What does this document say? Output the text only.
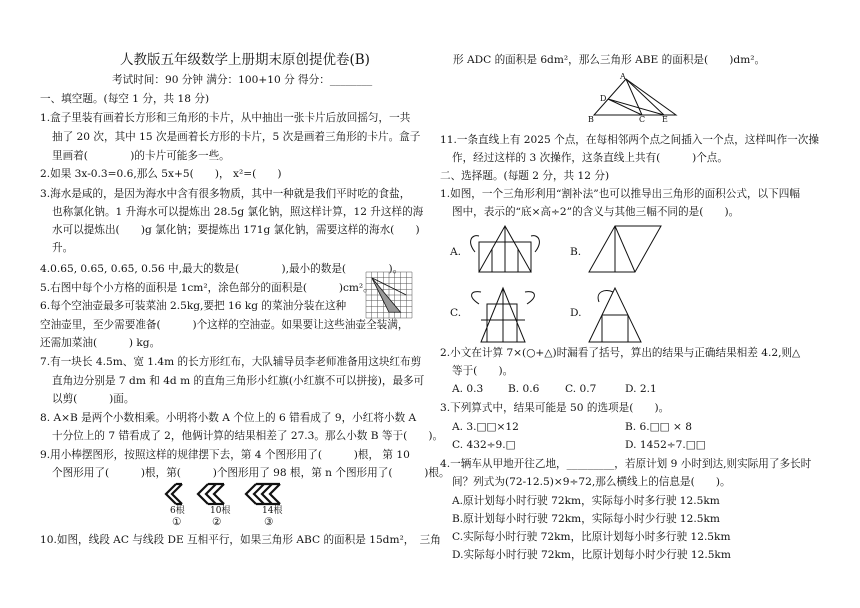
人教版五年级数学上册期末原创提优卷(B)
考试时间：90 分钟 满分：100+10 分 得分：________
一、填空题。(每空 1 分，共 18 分)
1.盒子里装有画着长方形和三角形的卡片，从中抽出一张卡片后放回摇匀，一共
抽了 20 次，其中 15 次是画着长方形的卡片，5 次是画着三角形的卡片。盒子
里画着(　　　　)的卡片可能多一些。
2.如果 3x-0.3=0.6,那么 5x+5(　　)， x²=(　　)
3.海水是咸的，是因为海水中含有很多物质，其中一种就是我们平时吃的食盐，
也称氯化钠。1 升海水可以提炼出 28.5g 氯化钠，照这样计算，12 升这样的海
水可以提炼出(　　)g 氯化钠；要提炼出 171g 氯化钠，需要这样的海水(　　)
升。
4.0.65, 0.65̇, 0.6̇5̇, 0.56 中,最大的数是(　　　　),最小的数是(　　　　)。
5.右图中每个小方格的面积是 1cm²，涂色部分的面积是(　　　)cm²。
6.每个空油壶最多可装菜油 2.5kg,要把 16 kg 的菜油分装在这种
空油壶里，至少需要准备(　　　)个这样的空油壶。如果要让这些油壶全装满，
还需加菜油(　　　) kg。
7.有一块长 4.5m、宽 1.4m 的长方形红布，大队辅导员李老师准备用这块红布剪
直角边分别是 7 dm 和 4d m 的直角三角形小红旗(小红旗不可以拼接)，最多可
以剪(　　　)面。
8. A×B 是两个小数相乘。小明将小数 A 个位上的 6 错看成了 9，小红将小数 A
十分位上的 7 错看成了 2，他俩计算的结果相差了 27.3。那么小数 B 等于(　　)。
9.用小棒摆图形，按照这样的规律摆下去，第 4 个图形用了(　　　)根， 第 10
个图形用了(　　　)根，第(　　　)个图形用了 98 根，第 n 个图形用了(　　　)根。
6根	10根	14根
①	②	③
10.如图，线段 AC 与线段 DE 互相平行，如果三角形 ABC 的面积是 15dm²，　三角
形 ADC 的面积是 6dm²，那么三角形 ABE 的面积是(　　)dm²。
A
B	C
D
E
11.一条直线上有 2025 个点，在每相邻两个点之间插入一个点，这样叫作一次操
作，经过这样的 3 次操作，这条直线上共有(　　　)个点。
二、选择题。(每题 2 分，共 12 分)
1.如图，一个三角形利用“割补法”也可以推导出三角形的面积公式，以下四幅
图中，表示的“底×高÷2”的含义与其他三幅不同的是(　　)。
A.	B.
C.	D.
2.小文在计算 7×(○+△)时漏看了括号，算出的结果与正确结果相差 4.2,则△
等于(　　)。
A. 0.3 B. 0.6 C. 0.7	D. 2.1
3.下列算式中，结果可能是 50 的选项是(　　)。
A. 3.□□×12	B. 6.□□ × 8
C. 432÷9.□	D. 1452÷7.□□
4.一辆车从甲地开往乙地，_________，若原计划 9 小时到达,则实际用了多长时
间？列式为(72-12.5)×9÷72,那么横线上的信息是(　　)。
A.原计划每小时行驶 72km，实际每小时多行驶 12.5km
B.原计划每小时行驶 72km，实际每小时少行驶 12.5km
C.实际每小时行驶 72km，比原计划每小时多行驶 12.5km
D.实际每小时行驶 72km，比原计划每小时少行驶 12.5km
